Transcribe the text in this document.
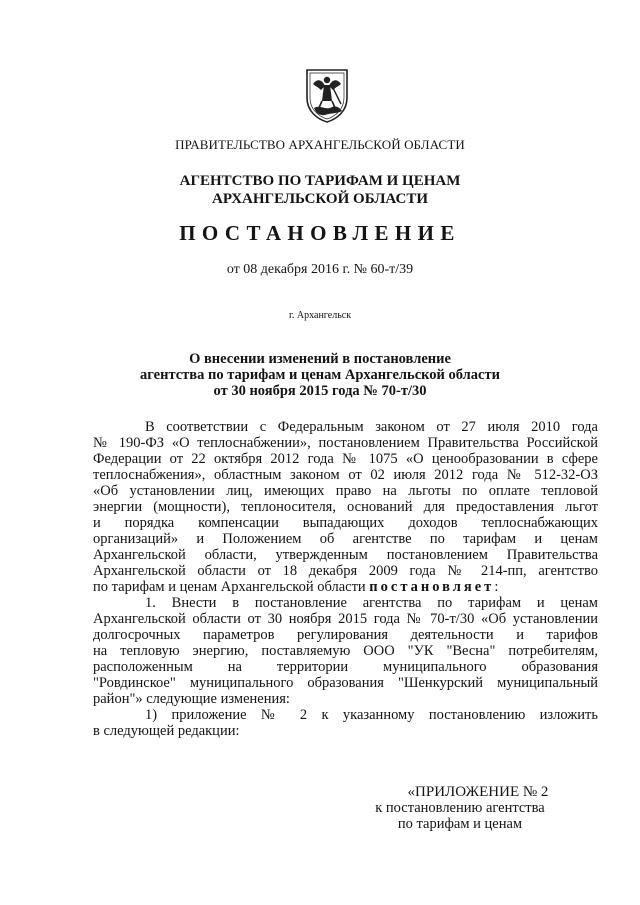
ПРАВИТЕЛЬСТВО АРХАНГЕЛЬСКОЙ ОБЛАСТИ
АГЕНТСТВО ПО ТАРИФАМ И ЦЕНАМ
АРХАНГЕЛЬСКОЙ ОБЛАСТИ
ПОСТАНОВЛЕНИЕ
от 08 декабря 2016 г. № 60-т/39
г. Архангельск
О внесении изменений в постановление
агентства по тарифам и ценам Архангельской области
от 30 ноября 2015 года № 70-т/30
В соответствии с Федеральным законом от 27 июля 2010 года
№ 190-ФЗ «О теплоснабжении», постановлением Правительства Российской
Федерации от 22 октября 2012 года № 1075 «О ценообразовании в сфере
теплоснабжения», областным законом от 02 июля 2012 года № 512-32-ОЗ
«Об установлении лиц, имеющих право на льготы по оплате тепловой
энергии (мощности), теплоносителя, оснований для предоставления льгот
и порядка компенсации выпадающих доходов теплоснабжающих
организаций» и Положением об агентстве по тарифам и ценам
Архангельской области, утвержденным постановлением Правительства
Архангельской области от 18 декабря 2009 года № 214-пп, агентство
по тарифам и ценам Архангельской области постановляет:
1. Внести в постановление агентства по тарифам и ценам
Архангельской области от 30 ноября 2015 года № 70-т/30 «Об установлении
долгосрочных параметров регулирования деятельности и тарифов
на тепловую энергию, поставляемую ООО "УК "Весна" потребителям,
расположенным на территории муниципального образования
"Ровдинское" муниципального образования "Шенкурский муниципальный
район"» следующие изменения:
1) приложение № 2 к указанному постановлению изложить
в следующей редакции:
«ПРИЛОЖЕНИЕ № 2
к постановлению агентства
по тарифам и ценам
